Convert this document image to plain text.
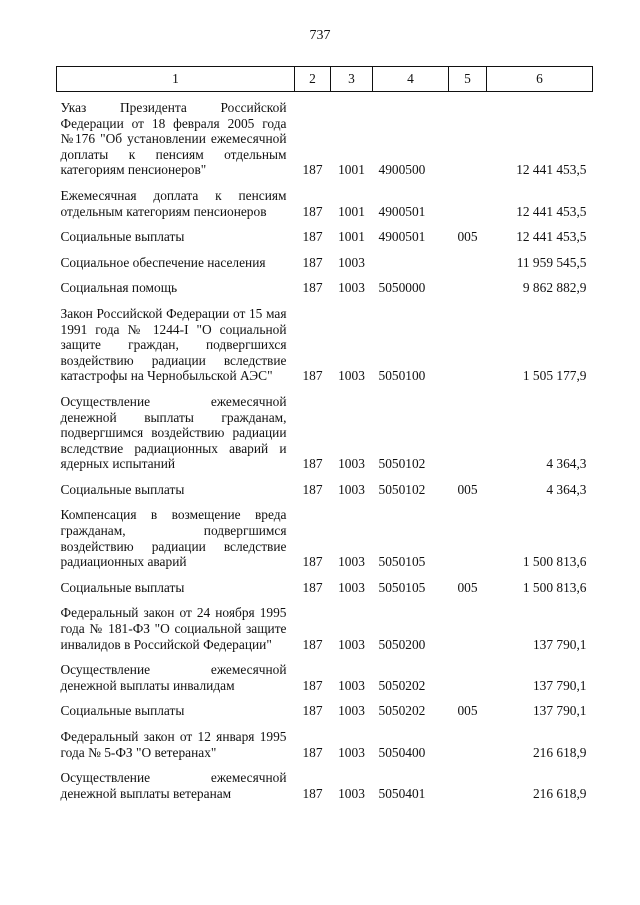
737
1	2	3	4	5	6
Указ Президента Российской Федерации от 18 февраля 2005 года №176 "Об установлении ежемесячной доплаты к пенсиям отдельным категориям пенсионеров"	187	1001	4900500		12 441 453,5
Ежемесячная доплата к пенсиям отдельным категориям пенсионеров	187	1001	4900501		12 441 453,5
Социальные выплаты	187	1001	4900501	005	12 441 453,5
Социальное обеспечение населения	187	1003			11 959 545,5
Социальная помощь	187	1003	5050000		9 862 882,9
Закон Российской Федерации от 15 мая 1991 года № 1244-I "О социальной защите граждан, подвергшихся воздействию радиации вследствие катастрофы на Чернобыльской АЭС"	187	1003	5050100		1 505 177,9
Осуществление ежемесячной денежной выплаты гражданам, подвергшимся воздействию радиации вследствие радиационных аварий и ядерных испытаний	187	1003	5050102		4 364,3
Социальные выплаты	187	1003	5050102	005	4 364,3
Компенсация в возмещение вреда гражданам, подвергшимся воздействию радиации вследствие радиационных аварий	187	1003	5050105		1 500 813,6
Социальные выплаты	187	1003	5050105	005	1 500 813,6
Федеральный закон от 24 ноября 1995 года № 181-ФЗ "О социальной защите инвалидов в Российской Федерации"	187	1003	5050200		137 790,1
Осуществление ежемесячной денежной выплаты инвалидам	187	1003	5050202		137 790,1
Социальные выплаты	187	1003	5050202	005	137 790,1
Федеральный закон от 12 января 1995 года № 5-ФЗ "О ветеранах"	187	1003	5050400		216 618,9
Осуществление ежемесячной денежной выплаты ветеранам	187	1003	5050401		216 618,9
